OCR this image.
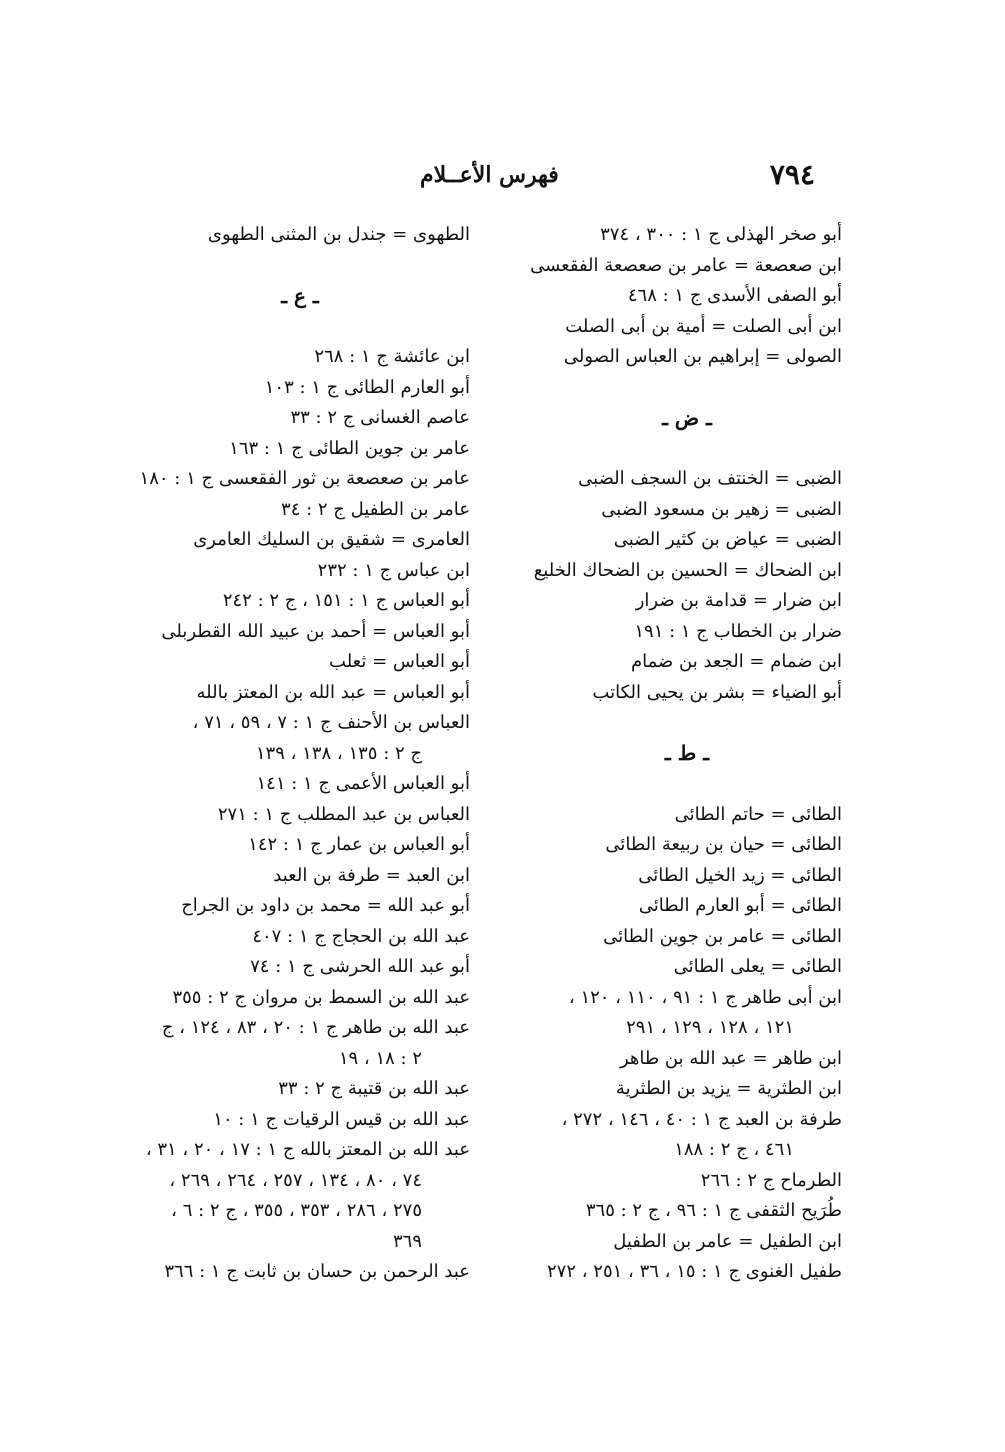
٧٩٤
فهرس الأعــلام
أبو صخر الهذلى ج ١ : ٣٠٠ ، ٣٧٤
ابن صعصعة = عامر بن صعصعة الفقعسى
أبو الصفى الأسدى ج ١ : ٤٦٨
ابن أبى الصلت = أمية بن أبى الصلت
الصولى = إبراهيم بن العباس الصولى
ـ ض ـ
الضبى = الخنتف بن السجف الضبى
الضبى = زهير بن مسعود الضبى
الضبى = عياض بن كثير الضبى
ابن الضحاك = الحسين بن الضحاك الخليع
ابن ضرار = قدامة بن ضرار
ضرار بن الخطاب ج ١ : ١٩١
ابن ضمام = الجعد بن ضمام
أبو الضياء = بشر بن يحيى الكاتب
ـ ط ـ
الطائى = حاتم الطائى
الطائى = حيان بن ربيعة الطائى
الطائى = زيد الخيل الطائى
الطائى = أبو العارم الطائى
الطائى = عامر بن جوين الطائى
الطائى = يعلى الطائى
ابن أبى طاهر ج ١ : ٩١ ، ١١٠ ، ١٢٠ ،
١٢١ ، ١٢٨ ، ١٢٩ ، ٢٩١
ابن طاهر = عبد الله بن طاهر
ابن الطثرية = يزيد بن الطثرية
طرفة بن العبد ج ١ : ٤٠ ، ١٤٦ ، ٢٧٢ ،
٤٦١ ، ج ٢ : ١٨٨
الطرماح ج ٢ : ٢٦٦
طُرَيح الثقفى ج ١ : ٩٦ ، ج ٢ : ٣٦٥
ابن الطفيل = عامر بن الطفيل
طفيل الغنوى ج ١ : ١٥ ، ٣٦ ، ٢٥١ ، ٢٧٢
الطهوى = جندل بن المثنى الطهوى
ـ ع ـ
ابن عائشة ج ١ : ٢٦٨
أبو العارم الطائى ج ١ : ١٠٣
عاصم الغسانى ج ٢ : ٣٣
عامر بن جوين الطائى ج ١ : ١٦٣
عامر بن صعصعة بن ثور الفقعسى ج ١ : ١٨٠
عامر بن الطفيل ج ٢ : ٣٤
العامرى = شقيق بن السليك العامرى
ابن عباس ج ١ : ٢٣٢
أبو العباس ج ١ : ١٥١ ، ج ٢ : ٢٤٢
أبو العباس = أحمد بن عبيد الله القطربلى
أبو العباس = ثعلب
أبو العباس = عبد الله بن المعتز بالله
العباس بن الأحنف ج ١ : ٧ ، ٥٩ ، ٧١ ،
ج ٢ : ١٣٥ ، ١٣٨ ، ١٣٩
أبو العباس الأعمى ج ١ : ١٤١
العباس بن عبد المطلب ج ١ : ٢٧١
أبو العباس بن عمار ج ١ : ١٤٢
ابن العبد = طرفة بن العبد
أبو عبد الله = محمد بن داود بن الجراح
عبد الله بن الحجاج ج ١ : ٤٠٧
أبو عبد الله الحرشى ج ١ : ٧٤
عبد الله بن السمط بن مروان ج ٢ : ٣٥٥
عبد الله بن طاهر ج ١ : ٢٠ ، ٨٣ ، ١٢٤ ، ج
٢ : ١٨ ، ١٩
عبد الله بن قتيبة ج ٢ : ٣٣
عبد الله بن قيس الرقيات ج ١ : ١٠
عبد الله بن المعتز بالله ج ١ : ١٧ ، ٢٠ ، ٣١ ،
٧٤ ، ٨٠ ، ١٣٤ ، ٢٥٧ ، ٢٦٤ ، ٢٦٩ ،
٢٧٥ ، ٢٨٦ ، ٣٥٣ ، ٣٥٥ ، ج ٢ : ٦ ،
٣٦٩
عبد الرحمن بن حسان بن ثابت ج ١ : ٣٦٦
